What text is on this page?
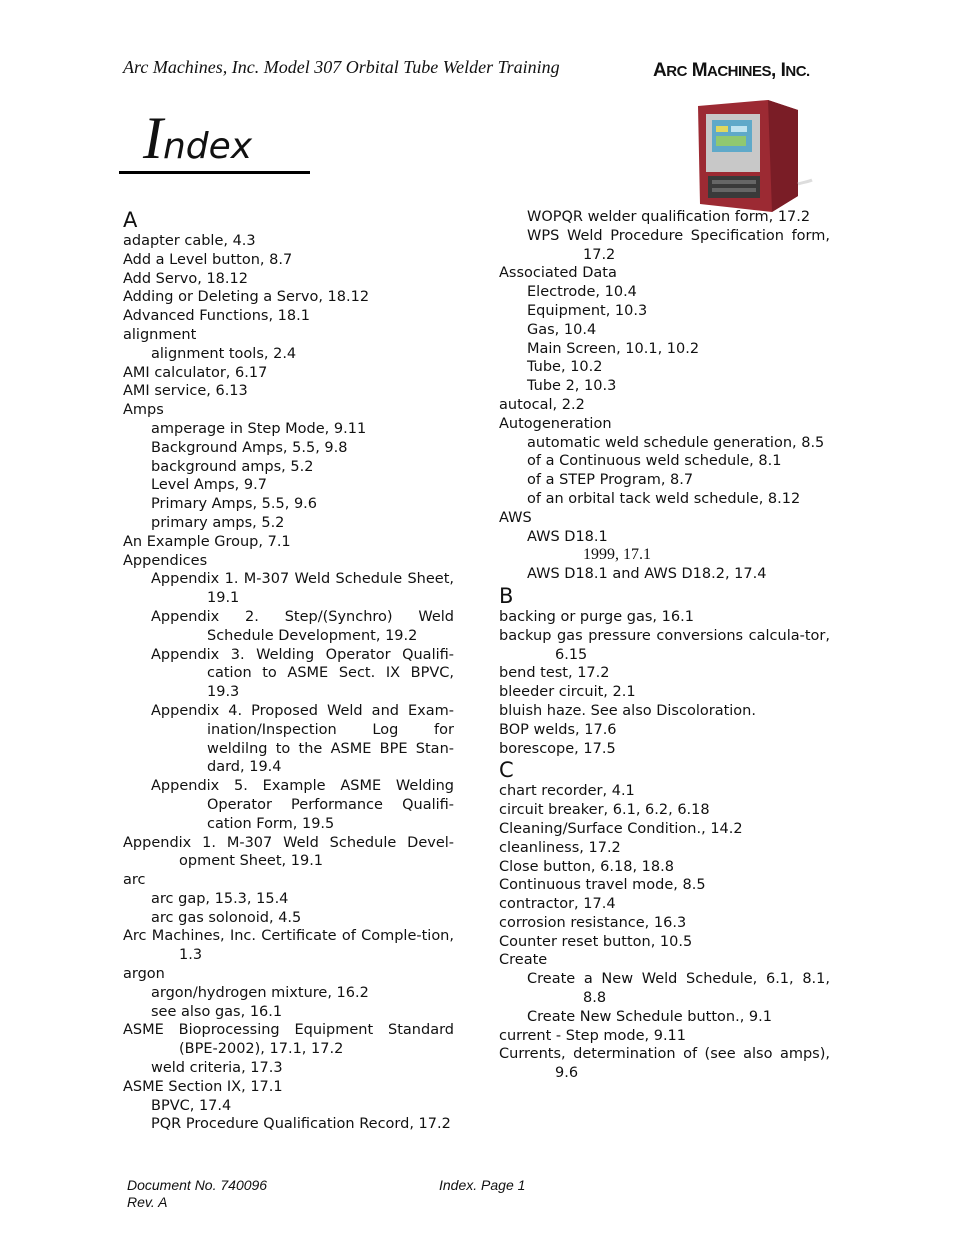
Arc Machines, Inc. Model 307 Orbital Tube Welder Training	ARC MACHINES, INC.
Index

A

adapter cable, 4.3

Add a Level button, 8.7

Add Servo, 18.12

Adding or Deleting a Servo, 18.12

Advanced Functions, 18.1

alignment

alignment tools, 2.4

AMI calculator, 6.17

AMI service, 6.13

Amps

amperage in Step Mode, 9.11

Background Amps, 5.5, 9.8

background amps, 5.2

Level Amps, 9.7

Primary Amps, 5.5, 9.6

primary amps, 5.2

An Example Group, 7.1

Appendices

Appendix 1. M-307 Weld Schedule Sheet, 19.1

Appendix 2. Step/(Synchro) Weld Schedule Development, 19.2

Appendix 3. Welding Operator Qualifi-cation to ASME Sect. IX BPVC, 19.3

Appendix 4. Proposed Weld and Exam-ination/Inspection Log for weldilng to the ASME BPE Stan-dard, 19.4

Appendix 5. Example ASME Welding Operator Performance Qualifi-cation Form, 19.5

Appendix 1. M-307 Weld Schedule Devel-opment Sheet, 19.1

arc

arc gap, 15.3, 15.4

arc gas solonoid, 4.5

Arc Machines, Inc. Certificate of Comple-tion, 1.3

argon

argon/hydrogen mixture, 16.2

see also gas, 16.1

ASME Bioprocessing Equipment Standard (BPE-2002), 17.1, 17.2

weld criteria, 17.3

ASME Section IX, 17.1

BPVC, 17.4

PQR Procedure Qualification Record, 17.2

WOPQR welder qualification form, 17.2

WPS Weld Procedure Specification form, 17.2

Associated Data

Electrode, 10.4

Equipment, 10.3

Gas, 10.4

Main Screen, 10.1, 10.2

Tube, 10.2

Tube 2, 10.3

autocal, 2.2

Autogeneration

automatic weld schedule generation, 8.5

of a Continuous weld schedule, 8.1

of a STEP Program, 8.7

of an orbital tack weld schedule, 8.12

AWS

AWS D18.1

1999, 17.1

AWS D18.1 and AWS D18.2, 17.4

B

backing or purge gas, 16.1

backup gas pressure conversions calcula-tor, 6.15

bend test, 17.2

bleeder circuit, 2.1

bluish haze. See also Discoloration.

BOP welds, 17.6

borescope, 17.5

C

chart recorder, 4.1

circuit breaker, 6.1, 6.2, 6.18

Cleaning/Surface Condition., 14.2

cleanliness, 17.2

Close button, 6.18, 18.8

Continuous travel mode, 8.5

contractor, 17.4

corrosion resistance, 16.3

Counter reset button, 10.5

Create

Create a New Weld Schedule, 6.1, 8.1, 8.8

Create New Schedule button., 9.1

current - Step mode, 9.11

Currents, determination of (see also amps), 9.6

Document No. 740096
Rev. A
Index. Page 1
